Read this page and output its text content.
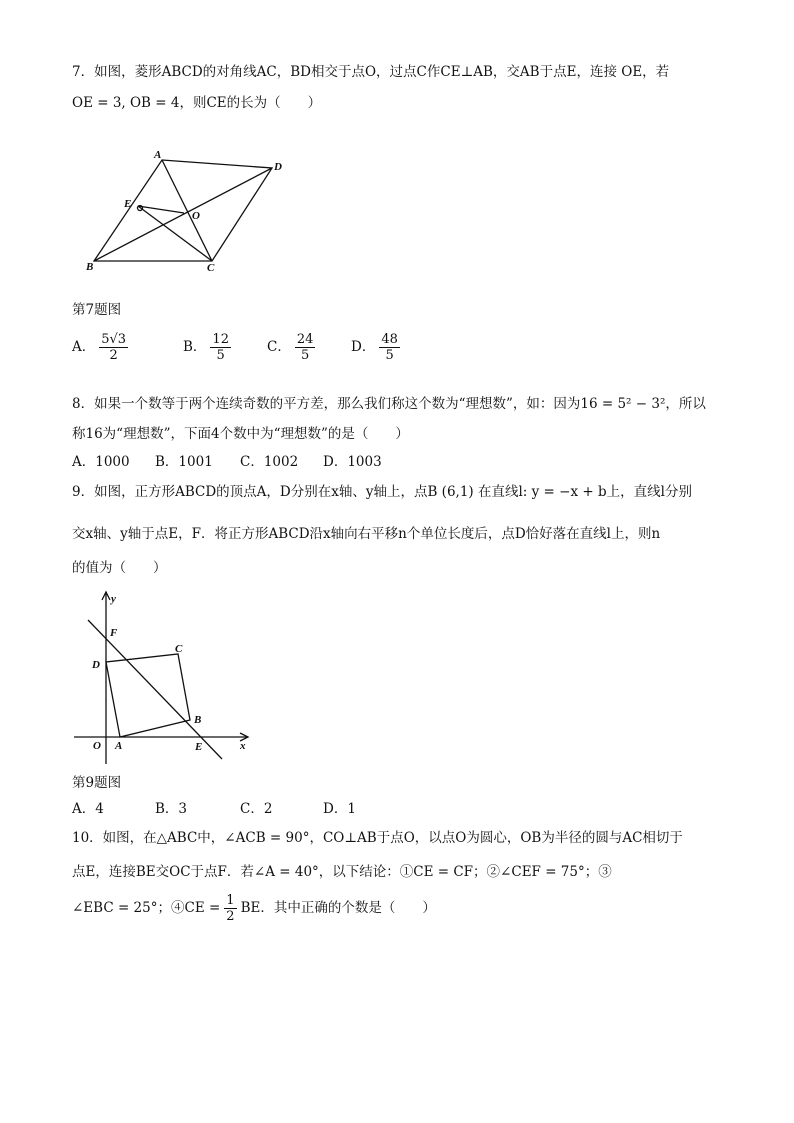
7．如图，菱形ABCD的对角线AC，BD相交于点O，过点C作CE⊥AB，交AB于点E，连接 OE，若
OE = 3, OB = 4，则CE的长为（　　）
A
D
E
O
B	C
第7题图
A． $\frac{5√3}{2}$	B． $\frac{12}{5}$	C． $\frac{24}{5}$	D． $\frac{48}{5}$
8．如果一个数等于两个连续奇数的平方差，那么我们称这个数为“理想数”，如：因为16 = 5² − 3²，所以
称16为“理想数”，下面4个数中为“理想数”的是（　　）
A．1000 B．1001 C．1002 D．1003
9．如图，正方形ABCD的顶点A，D分别在x轴、y轴上，点B (6,1) 在直线l: y = −x + b上，直线l分别
交x轴、y轴于点E，F．将正方形ABCD沿x轴向右平移n个单位长度后，点D恰好落在直线l上，则n
的值为（　　）
y
x
F
D
C
B
O A	E
第9题图
A．4	B．3	C．2	D．1
10．如图，在△ABC中，∠ACB = 90°，CO⊥AB于点O，以点O为圆心，OB为半径的圆与AC相切于
点E，连接BE交OC于点F．若∠A = 40°，以下结论：①CE = CF；②∠CEF = 75°；③
∠EBC = 25°；④CE = $\frac{1}{2}$ BE．其中正确的个数是（　　）
